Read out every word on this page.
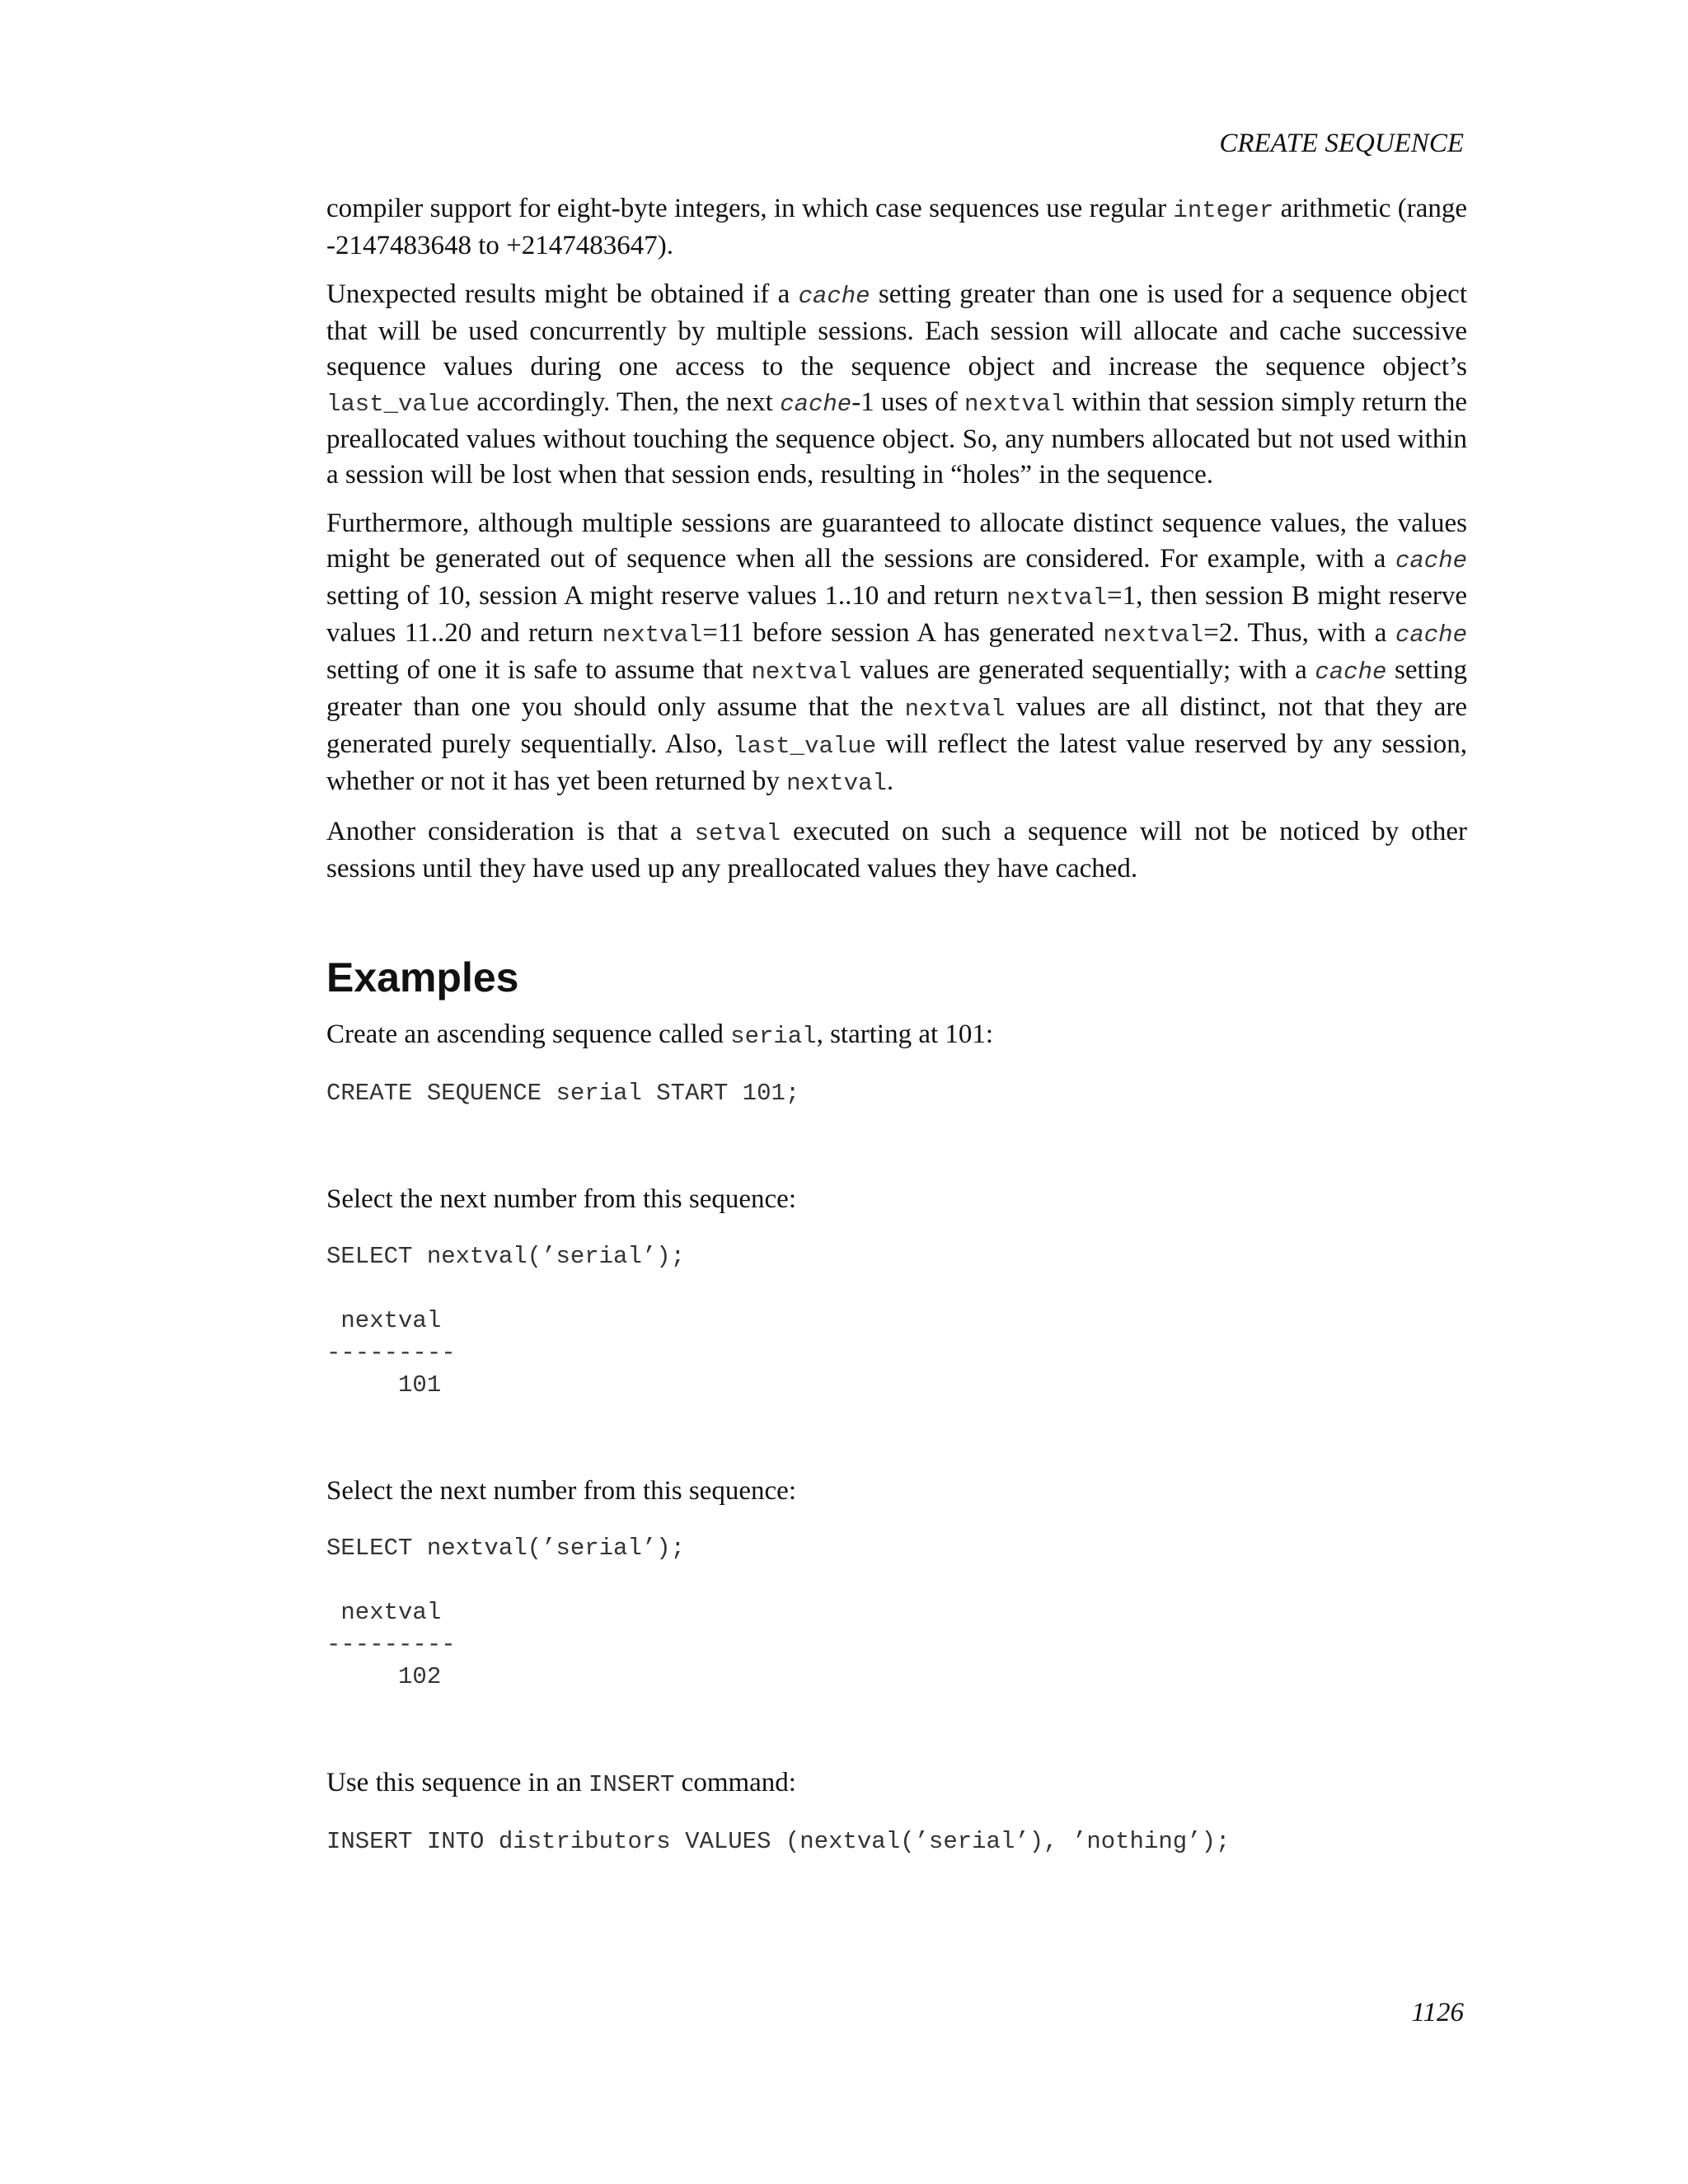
CREATE SEQUENCE

compiler support for eight-byte integers, in which case sequences use regular integer arithmetic (range -2147483648 to +2147483647).

Unexpected results might be obtained if a cache setting greater than one is used for a sequence object that will be used concurrently by multiple sessions. Each session will allocate and cache successive sequence values during one access to the sequence object and increase the sequence object’s last_value accordingly. Then, the next cache-1 uses of nextval within that session simply return the preallocated values without touching the sequence object. So, any numbers allocated but not used within a session will be lost when that session ends, resulting in “holes” in the sequence.

Furthermore, although multiple sessions are guaranteed to allocate distinct sequence values, the values might be generated out of sequence when all the sessions are considered. For example, with a cache setting of 10, session A might reserve values 1..10 and return nextval=1, then session B might reserve values 11..20 and return nextval=11 before session A has generated nextval=2. Thus, with a cache setting of one it is safe to assume that nextval values are generated sequentially; with a cache setting greater than one you should only assume that the nextval values are all distinct, not that they are generated purely sequentially. Also, last_value will reflect the latest value reserved by any session, whether or not it has yet been returned by nextval.

Another consideration is that a setval executed on such a sequence will not be noticed by other sessions until they have used up any preallocated values they have cached.

Examples

Create an ascending sequence called serial, starting at 101:

CREATE SEQUENCE serial START 101;

Select the next number from this sequence:

SELECT nextval(’serial’);

nextval
---------
101

Select the next number from this sequence:

SELECT nextval(’serial’);

nextval
---------
102

Use this sequence in an INSERT command:

INSERT INTO distributors VALUES (nextval(’serial’), ’nothing’);
1126
